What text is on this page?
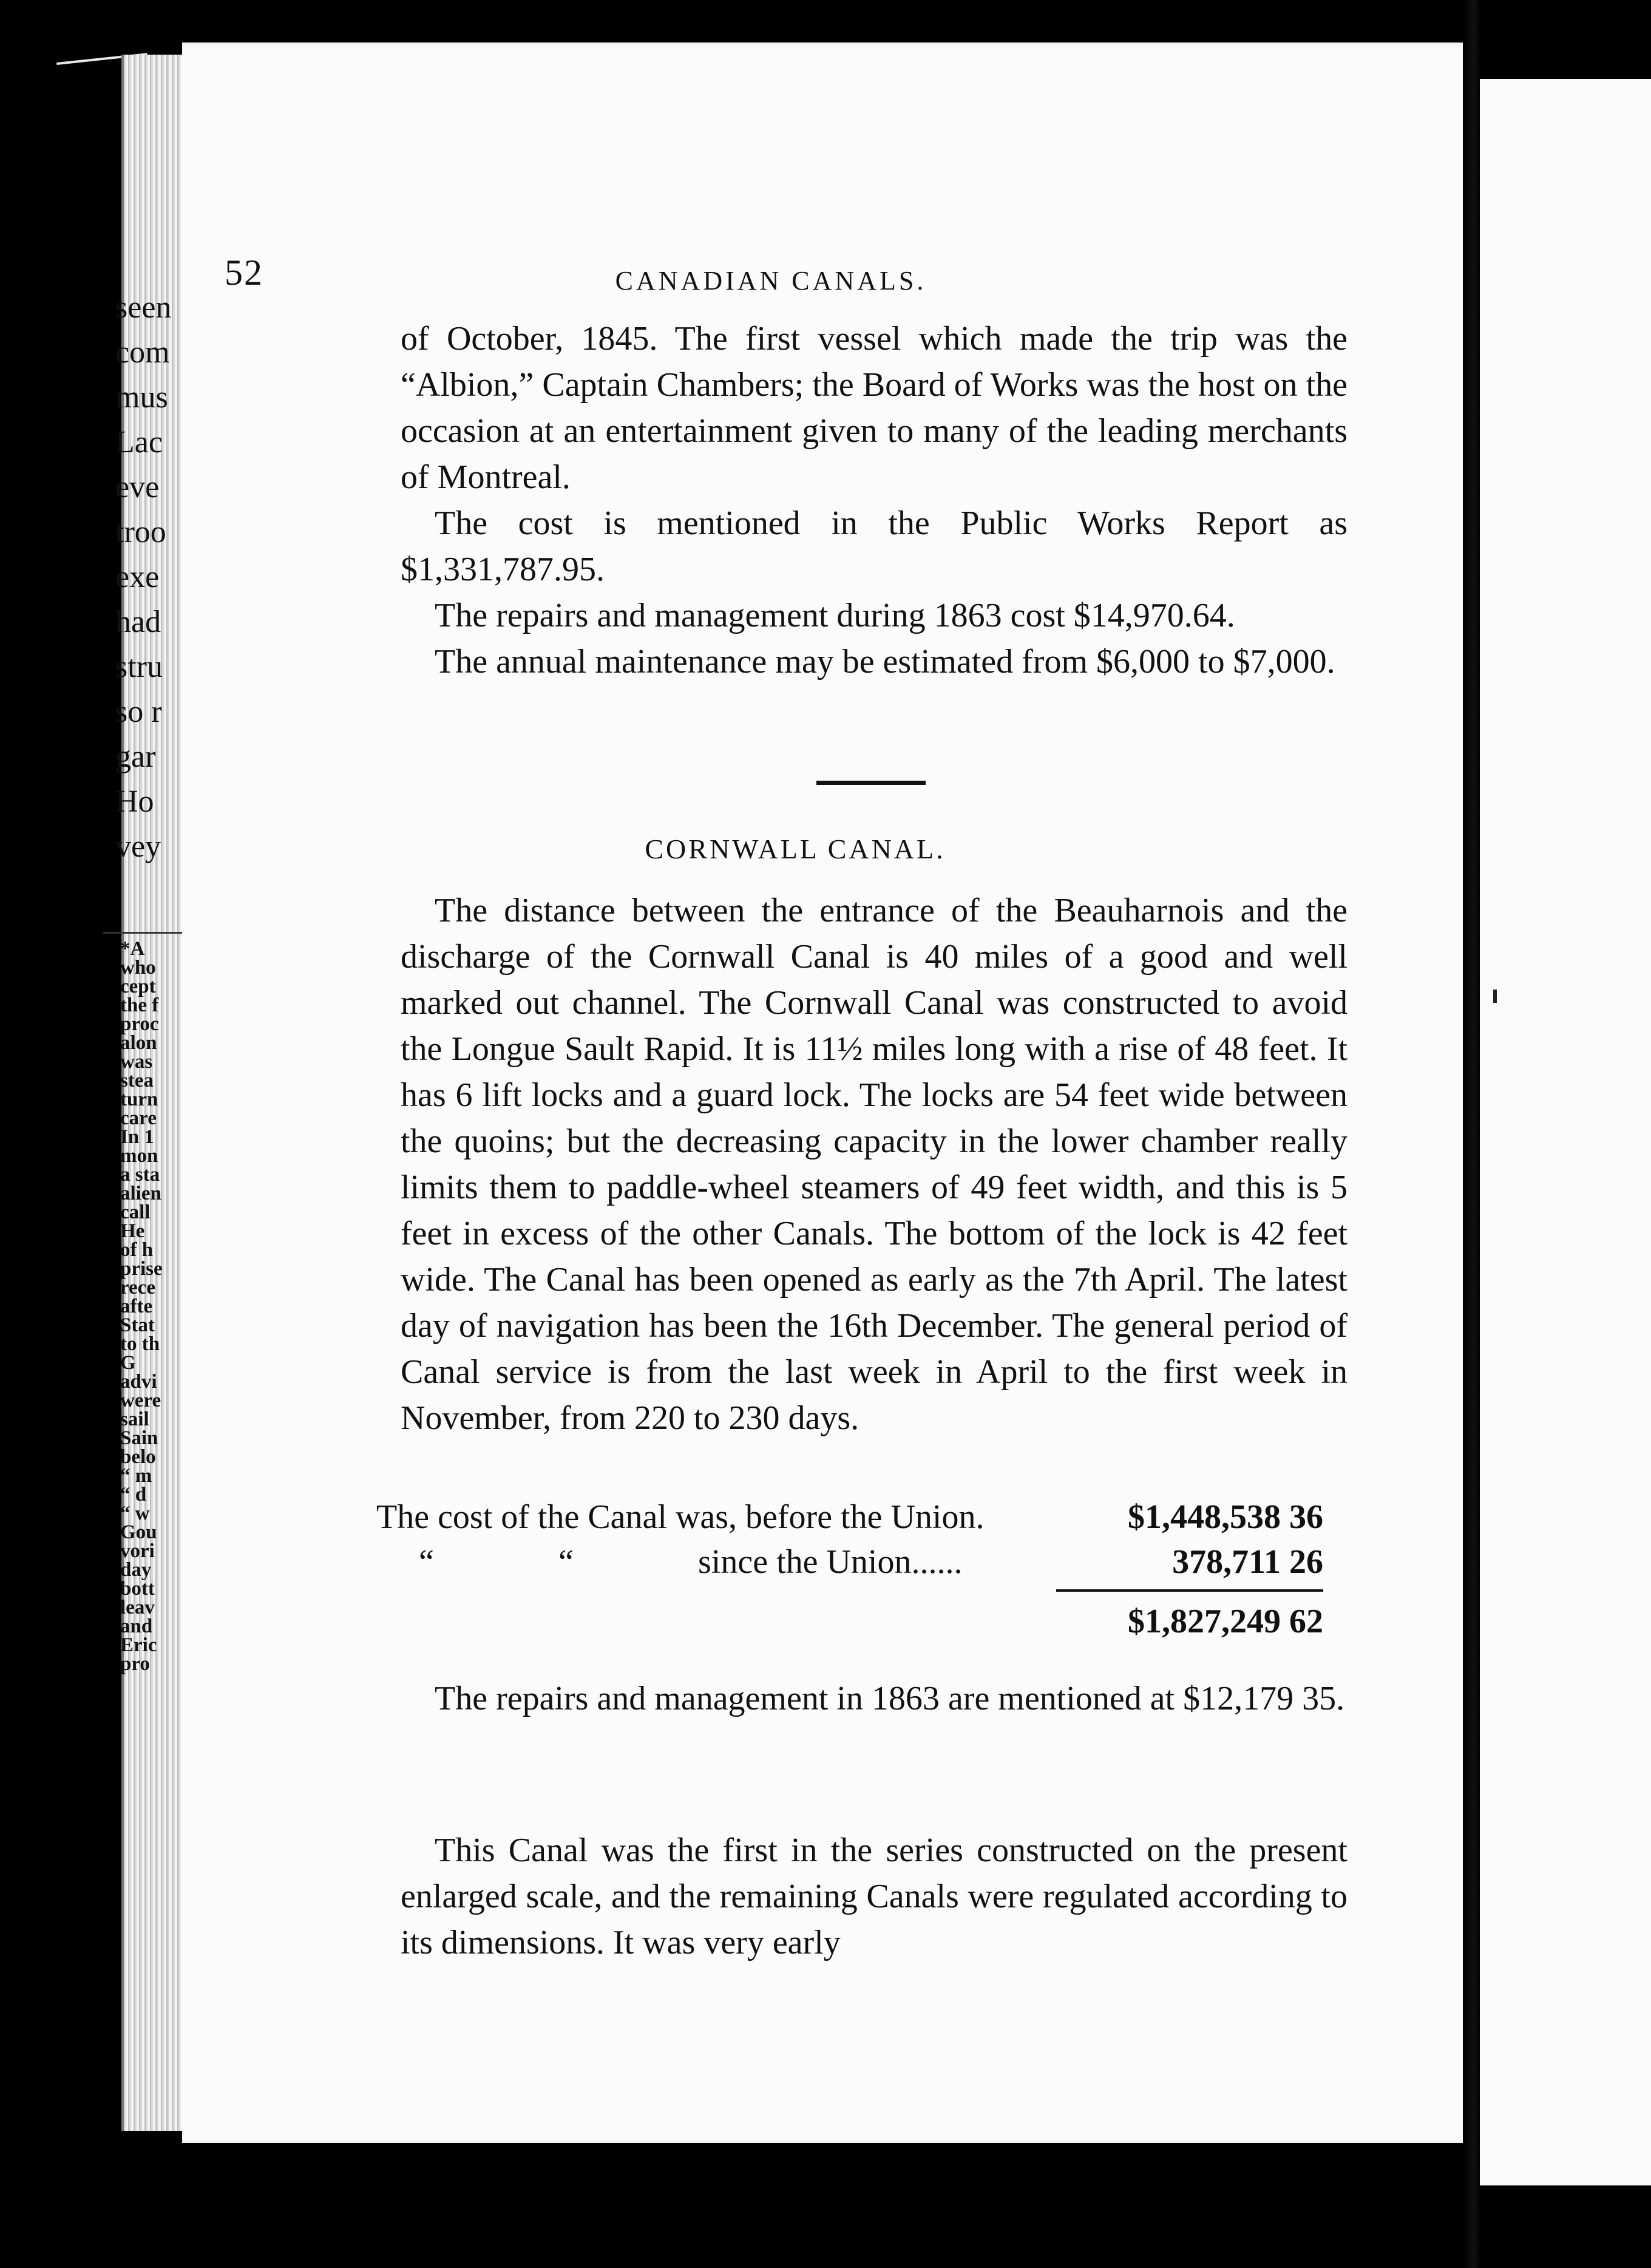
52	CANADIAN CANALS.

of October, 1845. The first vessel which made the trip was the “Albion,” Captain Chambers; the Board of Works was the host on the occasion at an entertainment given to many of the leading merchants of Montreal.

The cost is mentioned in the Public Works Report as $1,331,787.95.

The repairs and management during 1863 cost $14,970.64.

The annual maintenance may be estimated from $6,000 to $7,000.

CORNWALL CANAL.

The distance between the entrance of the Beauharnois and the discharge of the Cornwall Canal is 40 miles of a good and well marked out channel. The Cornwall Canal was constructed to avoid the Longue Sault Rapid. It is 11½ miles long with a rise of 48 feet. It has 6 lift locks and a guard lock. The locks are 54 feet wide between the quoins; but the decreasing capacity in the lower chamber really limits them to paddle-wheel steamers of 49 feet width, and this is 5 feet in excess of the other Canals. The bottom of the lock is 42 feet wide. The Canal has been opened as early as the 7th April. The latest day of navigation has been the 16th December. The general period of Canal service is from the last week in April to the first week in November, from 220 to 230 days.

The cost of the Canal was, before the Union.	$1,448,538 36
“	“	since the Union......	378,711 26
$1,827,249 62

The repairs and management in 1863 are mentioned at $12,179 35.

This Canal was the first in the series constructed on the present enlarged scale, and the remaining Canals were regulated according to its dimensions. It was very early

seen
com
mus
Lac
eve
troo
exe
had
stru
so r
gar
Ho
vey
*A
who
cept
the f
proc
alon
was
stea
turn
care
In 1
mon
a sta
alien
call
He
of h
prise
rece
afte
Stat
to th
G
advi
were
sail
Sain
belo
“ m
“ d
“ w
Gou
vori
day
bott
leav
and
Eric
pro
